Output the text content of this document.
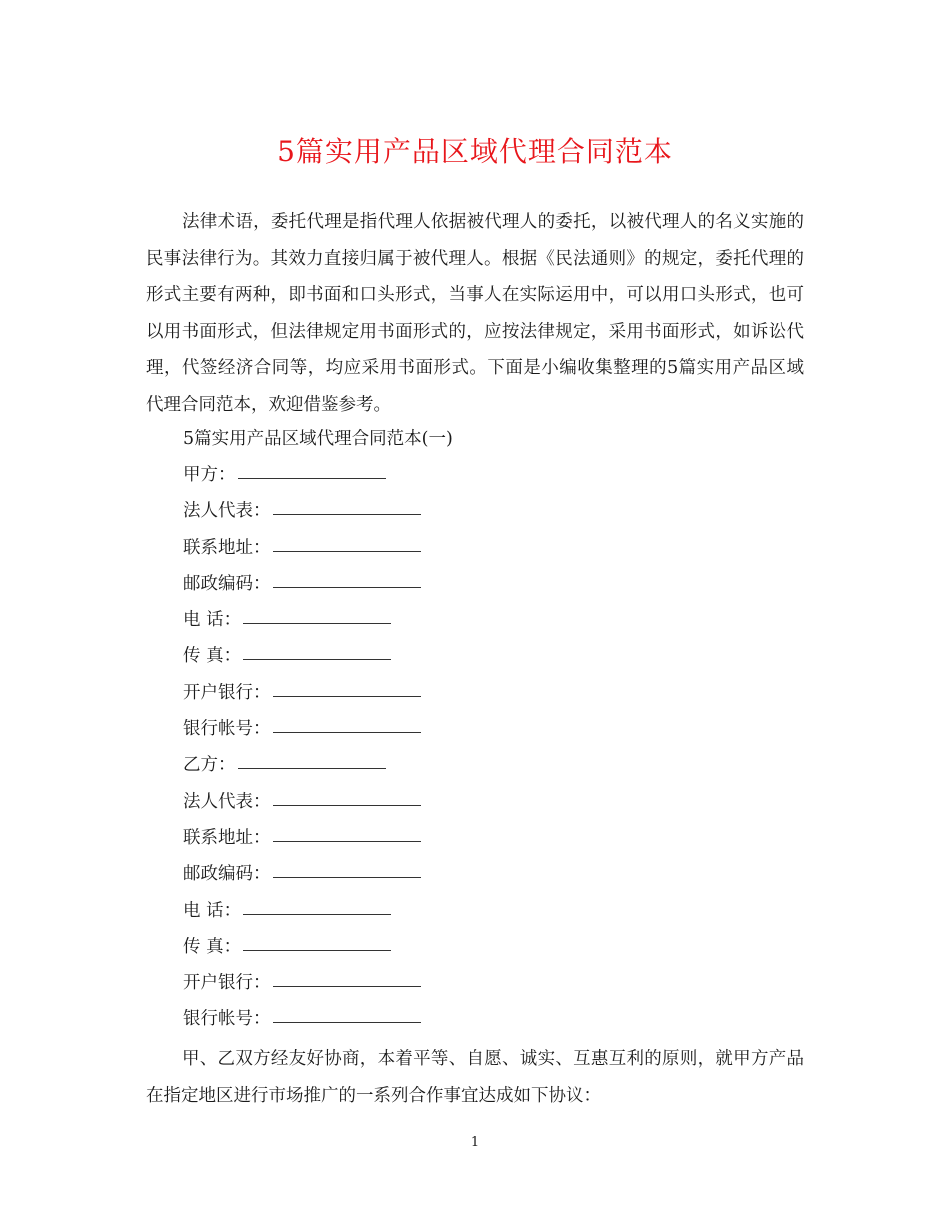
5篇实用产品区域代理合同范本

法律术语，委托代理是指代理人依据被代理人的委托，以被代理人的名义实施的民事法律行为。其效力直接归属于被代理人。根据《民法通则》的规定，委托代理的形式主要有两种，即书面和口头形式，当事人在实际运用中，可以用口头形式，也可以用书面形式，但法律规定用书面形式的，应按法律规定，采用书面形式，如诉讼代理，代签经济合同等，均应采用书面形式。下面是小编收集整理的5篇实用产品区域代理合同范本，欢迎借鉴参考。

5篇实用产品区域代理合同范本(一)

甲方：
法人代表：
联系地址：
邮政编码：
电 话：
传 真：
开户银行：
银行帐号：
乙方：
法人代表：
联系地址：
邮政编码：
电 话：
传 真：
开户银行：
银行帐号：

甲、乙双方经友好协商，本着平等、自愿、诚实、互惠互利的原则，就甲方产品在指定地区进行市场推广的一系列合作事宜达成如下协议：

1
